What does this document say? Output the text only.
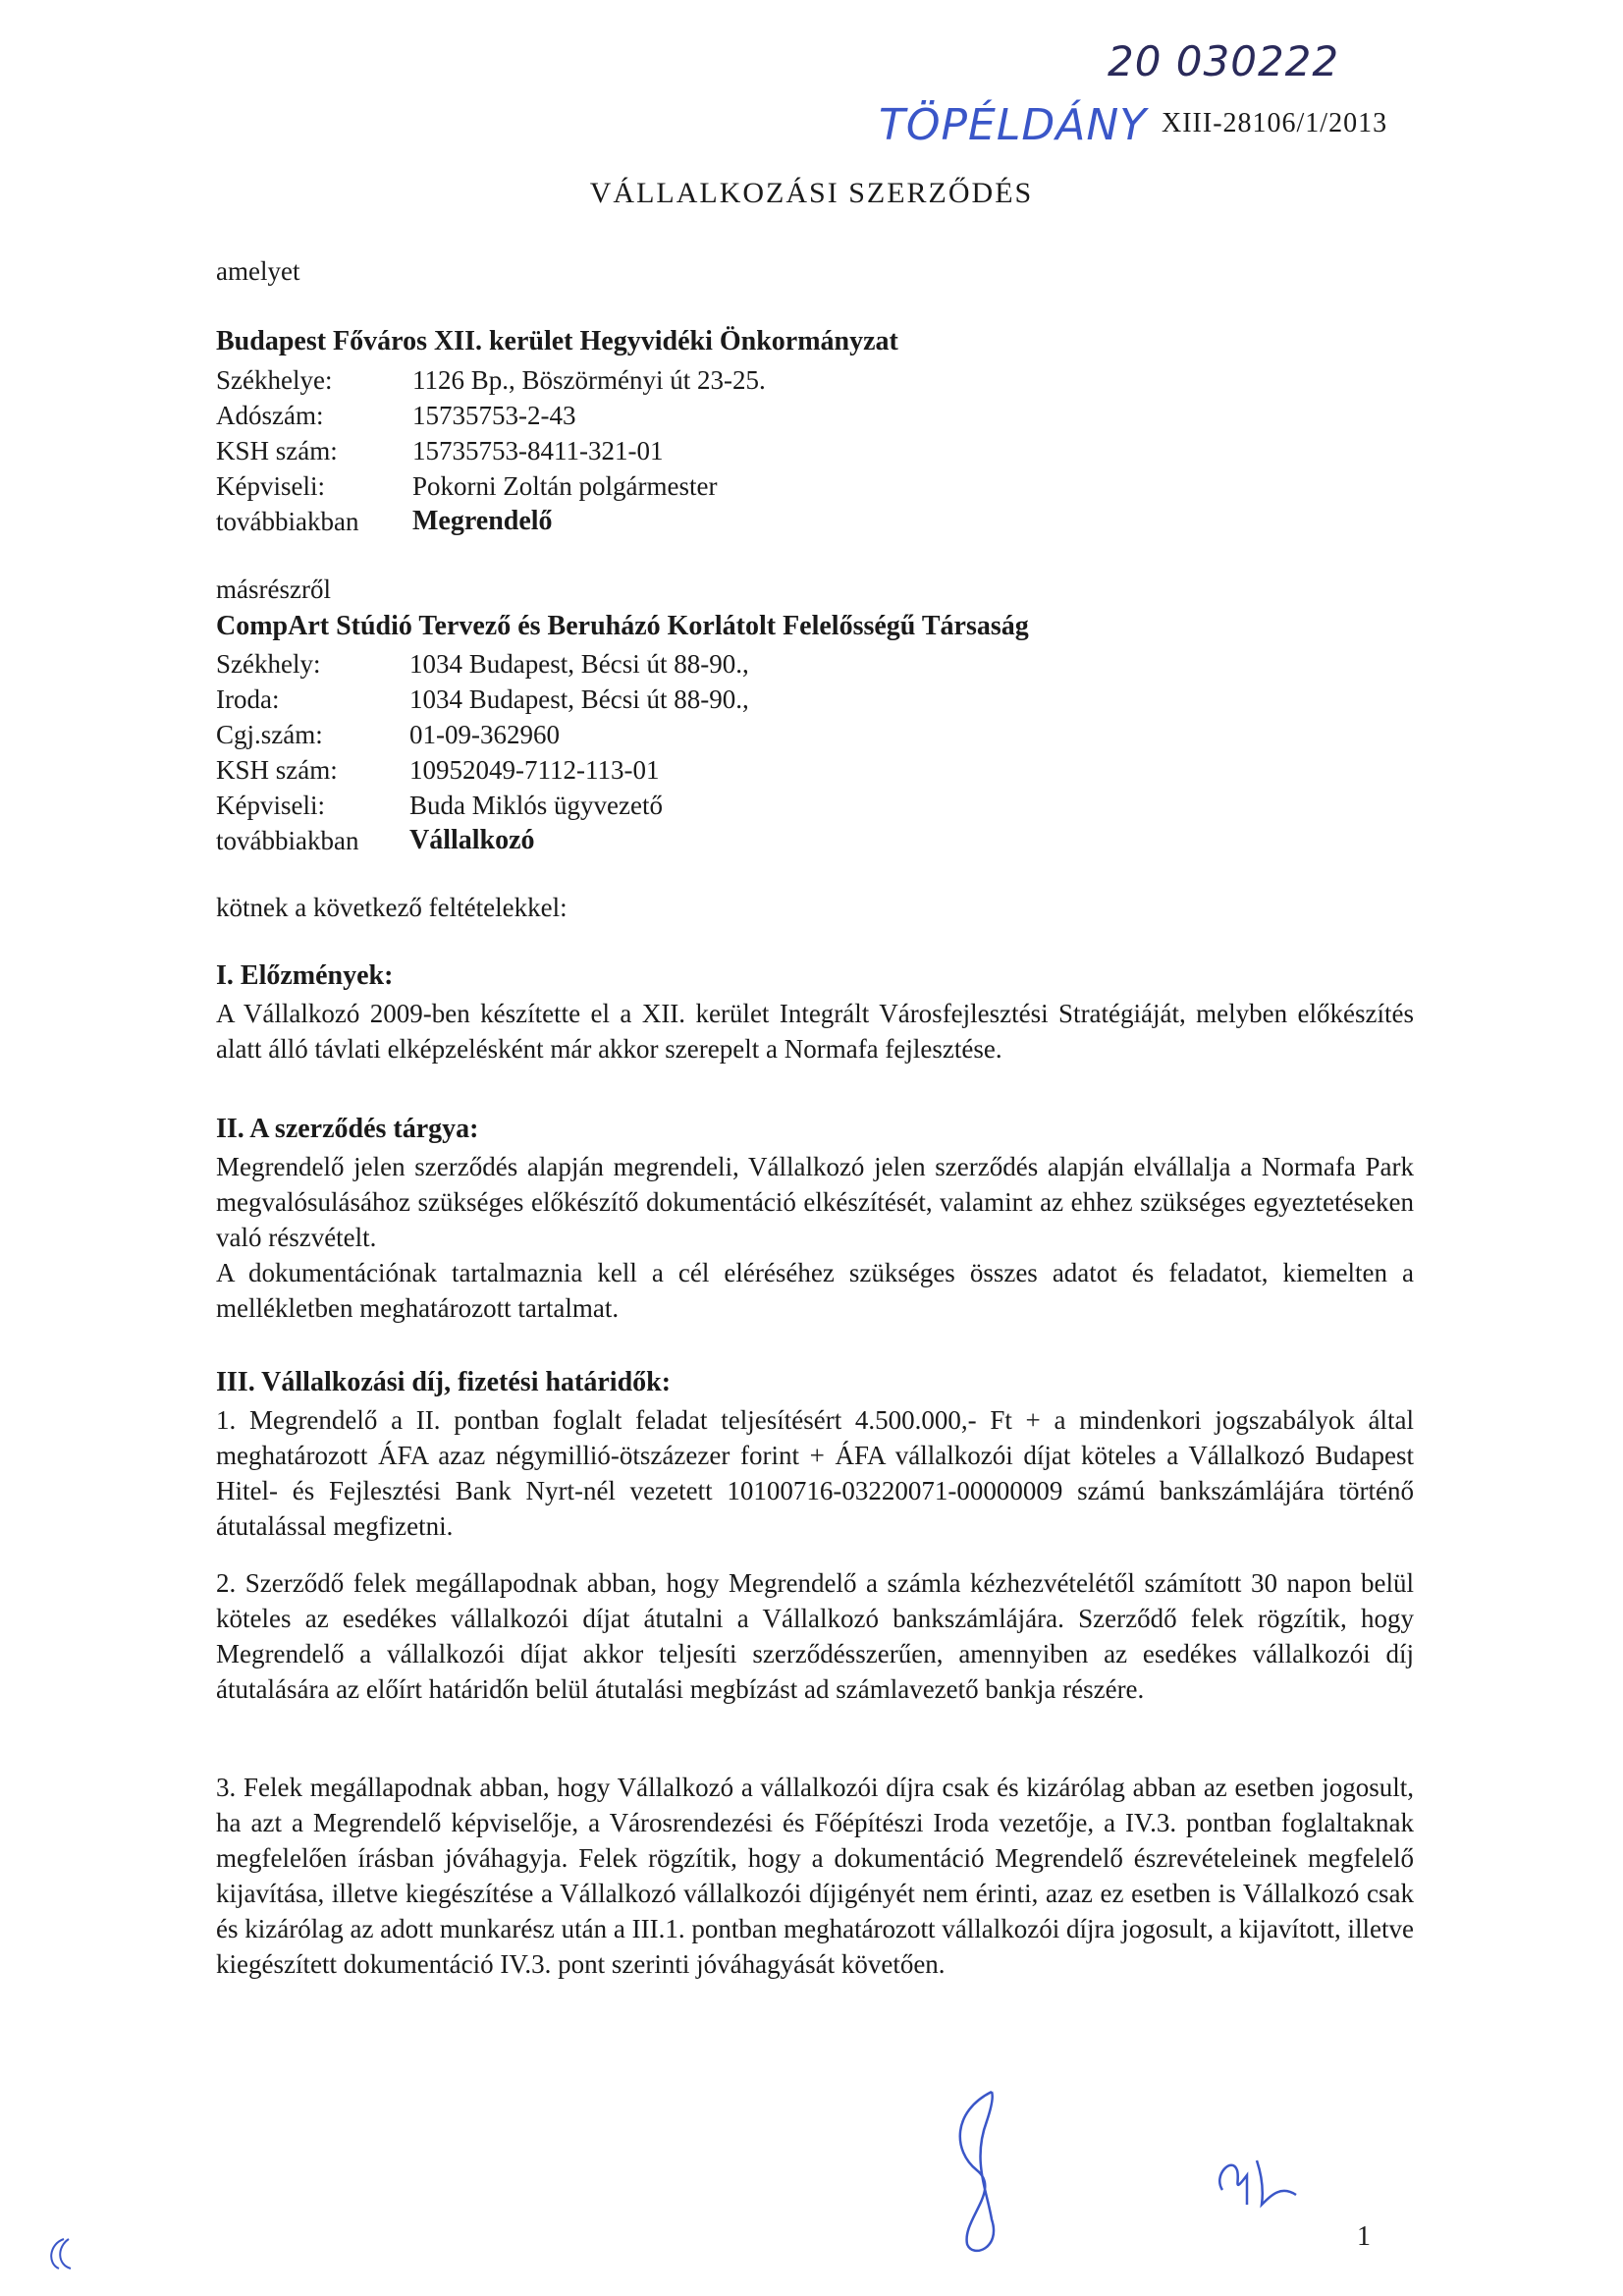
20 030222
TÖPÉLDÁNY XIII-28106/1/2013
VÁLLALKOZÁSI SZERZŐDÉS
amelyet
Budapest Főváros XII. kerület Hegyvidéki Önkormányzat
Székhelye:	1126 Bp., Böszörményi út 23-25.
Adószám:	15735753-2-43
KSH szám:	15735753-8411-321-01
Képviseli:	Pokorni Zoltán polgármester
továbbiakban Megrendelő
másrészről
CompArt Stúdió Tervező és Beruházó Korlátolt Felelősségű Társaság
Székhely:	1034 Budapest, Bécsi út 88-90.,
Iroda:	1034 Budapest, Bécsi út 88-90.,
Cgj.szám:	01-09-362960
KSH szám:	10952049-7112-113-01
Képviseli:	Buda Miklós ügyvezető
továbbiakban Vállalkozó
kötnek a következő feltételekkel:
I. Előzmények:
A Vállalkozó 2009-ben készítette el a XII. kerület Integrált Városfejlesztési Stratégiáját, melyben előkészítés alatt álló távlati elképzelésként már akkor szerepelt a Normafa fejlesztése.
II. A szerződés tárgya:
Megrendelő jelen szerződés alapján megrendeli, Vállalkozó jelen szerződés alapján elvállalja a Normafa Park megvalósulásához szükséges előkészítő dokumentáció elkészítését, valamint az ehhez szükséges egyeztetéseken való részvételt.
A dokumentációnak tartalmaznia kell a cél eléréséhez szükséges összes adatot és feladatot, kiemelten a mellékletben meghatározott tartalmat.
III. Vállalkozási díj, fizetési határidők:
1. Megrendelő a II. pontban foglalt feladat teljesítésért 4.500.000,- Ft + a mindenkori jogszabályok által meghatározott ÁFA azaz négymillió-ötszázezer forint + ÁFA vállalkozói díjat köteles a Vállalkozó Budapest Hitel- és Fejlesztési Bank Nyrt-nél vezetett 10100716-03220071-00000009 számú bankszámlájára történő átutalással megfizetni.
2. Szerződő felek megállapodnak abban, hogy Megrendelő a számla kézhezvételétől számított 30 napon belül köteles az esedékes vállalkozói díjat átutalni a Vállalkozó bankszámlájára. Szerződő felek rögzítik, hogy Megrendelő a vállalkozói díjat akkor teljesíti szerződésszerűen, amennyiben az esedékes vállalkozói díj átutalására az előírt határidőn belül átutalási megbízást ad számlavezető bankja részére.
3. Felek megállapodnak abban, hogy Vállalkozó a vállalkozói díjra csak és kizárólag abban az esetben jogosult, ha azt a Megrendelő képviselője, a Városrendezési és Főépítészi Iroda vezetője, a IV.3. pontban foglaltaknak megfelelően írásban jóváhagyja. Felek rögzítik, hogy a dokumentáció Megrendelő észrevételeinek megfelelő kijavítása, illetve kiegészítése a Vállalkozó vállalkozói díjigényét nem érinti, azaz ez esetben is Vállalkozó csak és kizárólag az adott munkarész után a III.1. pontban meghatározott vállalkozói díjra jogosult, a kijavított, illetve kiegészített dokumentáció IV.3. pont szerinti jóváhagyását követően.
1
